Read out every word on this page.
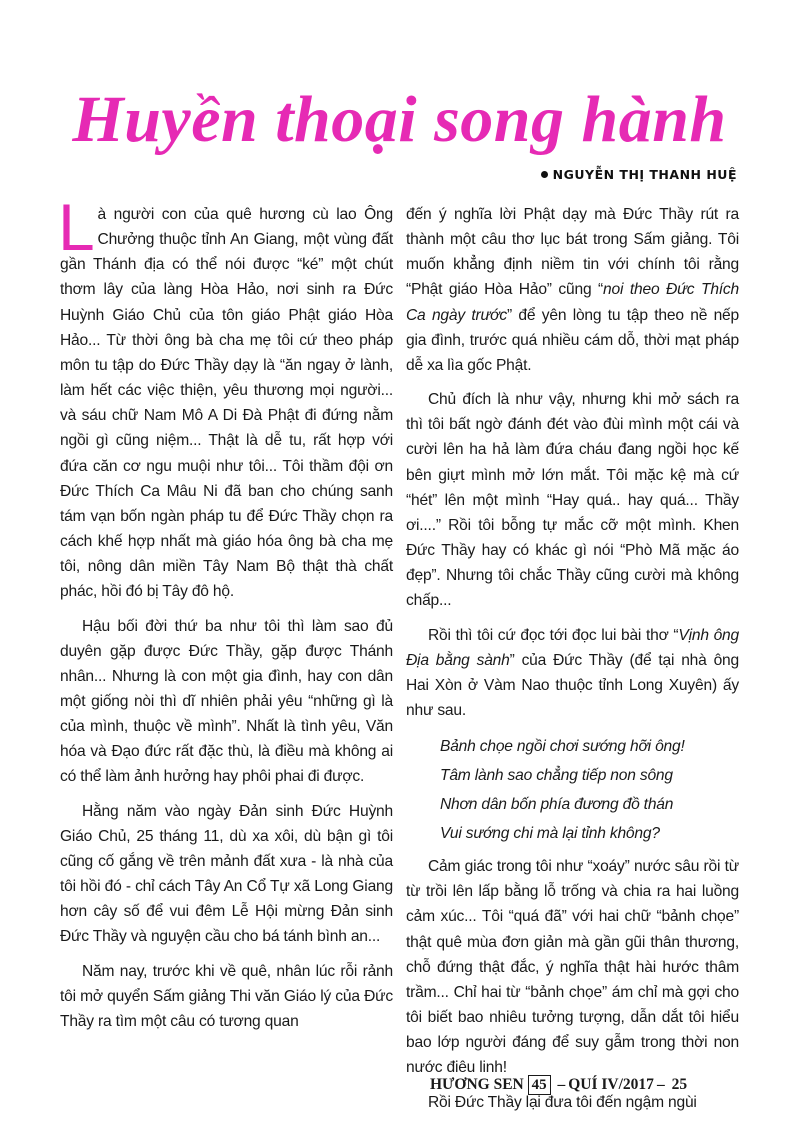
Huyền thoại song hành
NGUYỄN THỊ THANH HUỆ

Là người con của quê hương cù lao Ông Chưởng thuộc tỉnh An Giang, một vùng đất gần Thánh địa có thể nói được “ké” một chút thơm lây của làng Hòa Hảo, nơi sinh ra Đức Huỳnh Giáo Chủ của tôn giáo Phật giáo Hòa Hảo... Từ thời ông bà cha mẹ tôi cứ theo pháp môn tu tập do Đức Thầy dạy là “ăn ngay ở lành, làm hết các việc thiện, yêu thương mọi người... và sáu chữ Nam Mô A Di Đà Phật đi đứng nằm ngồi gì cũng niệm... Thật là dễ tu, rất hợp với đứa căn cơ ngu muội như tôi... Tôi thầm đội ơn Đức Thích Ca Mâu Ni đã ban cho chúng sanh tám vạn bốn ngàn pháp tu để Đức Thầy chọn ra cách khế hợp nhất mà giáo hóa ông bà cha mẹ tôi, nông dân miền Tây Nam Bộ thật thà chất phác, hồi đó bị Tây đô hộ.

Hậu bối đời thứ ba như tôi thì làm sao đủ duyên gặp được Đức Thầy, gặp được Thánh nhân... Nhưng là con một gia đình, hay con dân một giống nòi thì dĩ nhiên phải yêu “những gì là của mình, thuộc về mình”. Nhất là tình yêu, Văn hóa và Đạo đức rất đặc thù, là điều mà không ai có thể làm ảnh hưởng hay phôi phai đi được.

Hằng năm vào ngày Đản sinh Đức Huỳnh Giáo Chủ, 25 tháng 11, dù xa xôi, dù bận gì tôi cũng cố gắng về trên mảnh đất xưa - là nhà của tôi hồi đó - chỉ cách Tây An Cổ Tự xã Long Giang hơn cây số để vui đêm Lễ Hội mừng Đản sinh Đức Thầy và nguyện cầu cho bá tánh bình an...

Năm nay, trước khi về quê, nhân lúc rỗi rảnh tôi mở quyển Sấm giảng Thi văn Giáo lý của Đức Thầy ra tìm một câu có tương quan

đến ý nghĩa lời Phật dạy mà Đức Thầy rút ra thành một câu thơ lục bát trong Sấm giảng. Tôi muốn khẳng định niềm tin với chính tôi rằng “Phật giáo Hòa Hảo” cũng “noi theo Đức Thích Ca ngày trước” để yên lòng tu tập theo nề nếp gia đình, trước quá nhiều cám dỗ, thời mạt pháp dễ xa lìa gốc Phật.

Chủ đích là như vậy, nhưng khi mở sách ra thì tôi bất ngờ đánh đét vào đùi mình một cái và cười lên ha hả làm đứa cháu đang ngồi học kế bên giựt mình mở lớn mắt. Tôi mặc kệ mà cứ “hét” lên một mình “Hay quá.. hay quá... Thầy ơi....” Rồi tôi bỗng tự mắc cỡ một mình. Khen Đức Thầy hay có khác gì nói “Phò Mã mặc áo đẹp”. Nhưng tôi chắc Thầy cũng cười mà không chấp...

Rồi thì tôi cứ đọc tới đọc lui bài thơ “Vịnh ông Địa bằng sành” của Đức Thầy (để tại nhà ông Hai Xòn ở Vàm Nao thuộc tỉnh Long Xuyên) ấy như sau.

Bảnh chọe ngồi chơi sướng hỡi ông!
Tâm lành sao chẳng tiếp non sông
Nhơn dân bốn phía đương đồ thán
Vui sướng chi mà lại tỉnh không?

Cảm giác trong tôi như “xoáy” nước sâu rồi từ từ trồi lên lấp bằng lỗ trống và chia ra hai luồng cảm xúc... Tôi “quá đã” với hai chữ “bảnh chọe” thật quê mùa đơn giản mà gần gũi thân thương, chỗ đứng thật đắc, ý nghĩa thật hài hước thâm trầm... Chỉ hai từ “bảnh chọe” ám chỉ mà gợi cho tôi biết bao nhiêu tưởng tượng, dẫn dắt tôi hiểu bao lớp người đáng để suy gẫm trong thời non nước điêu linh!

Rồi Đức Thầy lại đưa tôi đến ngậm ngùi

HƯƠNG SEN 45 – QUÍ IV/2017 – 25
